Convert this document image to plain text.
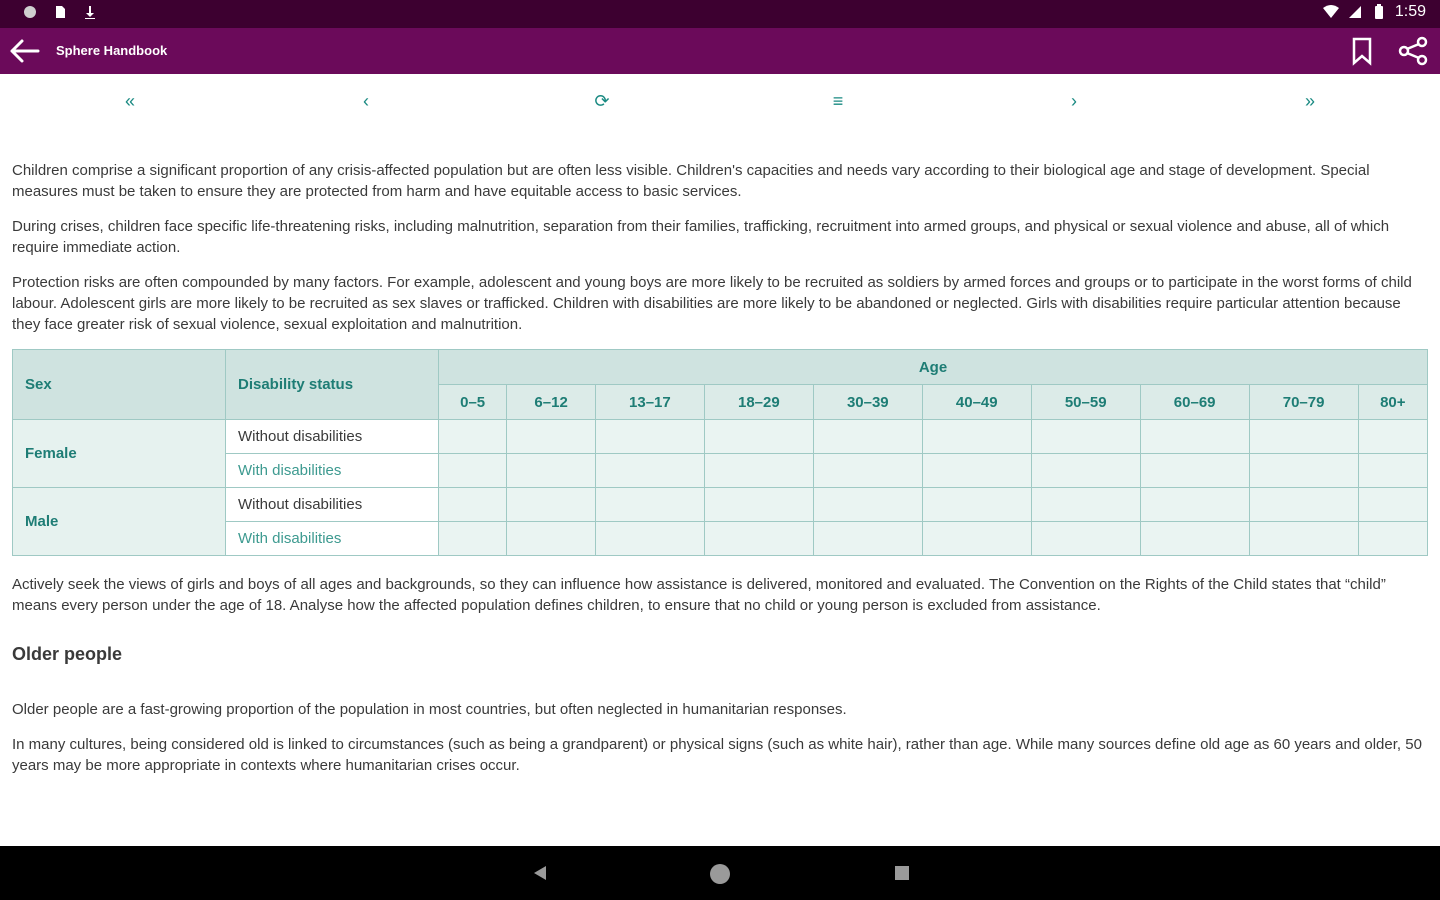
1:59
Sphere Handbook
«	‹	⟳	≡	›	»

Children comprise a significant proportion of any crisis-affected population but are often less visible. Children's capacities and needs vary according to their biological age and stage of development. Special measures must be taken to ensure they are protected from harm and have equitable access to basic services.

During crises, children face specific life-threatening risks, including malnutrition, separation from their families, trafficking, recruitment into armed groups, and physical or sexual violence and abuse, all of which require immediate action.

Protection risks are often compounded by many factors. For example, adolescent and young boys are more likely to be recruited as soldiers by armed forces and groups or to participate in the worst forms of child labour. Adolescent girls are more likely to be recruited as sex slaves or trafficked. Children with disabilities are more likely to be abandoned or neglected. Girls with disabilities require particular attention because they face greater risk of sexual violence, sexual exploitation and malnutrition.

Sex	Disability status	Age									
		0–5	6–12	13–17	18–29	30–39	40–49	50–59	60–69	70–79	80+
Female	Without disabilities										
	With disabilities										
Male	Without disabilities										
	With disabilities										

Actively seek the views of girls and boys of all ages and backgrounds, so they can influence how assistance is delivered, monitored and evaluated. The Convention on the Rights of the Child states that “child” means every person under the age of 18. Analyse how the affected population defines children, to ensure that no child or young person is excluded from assistance.

Older people

Older people are a fast-growing proportion of the population in most countries, but often neglected in humanitarian responses.

In many cultures, being considered old is linked to circumstances (such as being a grandparent) or physical signs (such as white hair), rather than age. While many sources define old age as 60 years and older, 50 years may be more appropriate in contexts where humanitarian crises occur.
